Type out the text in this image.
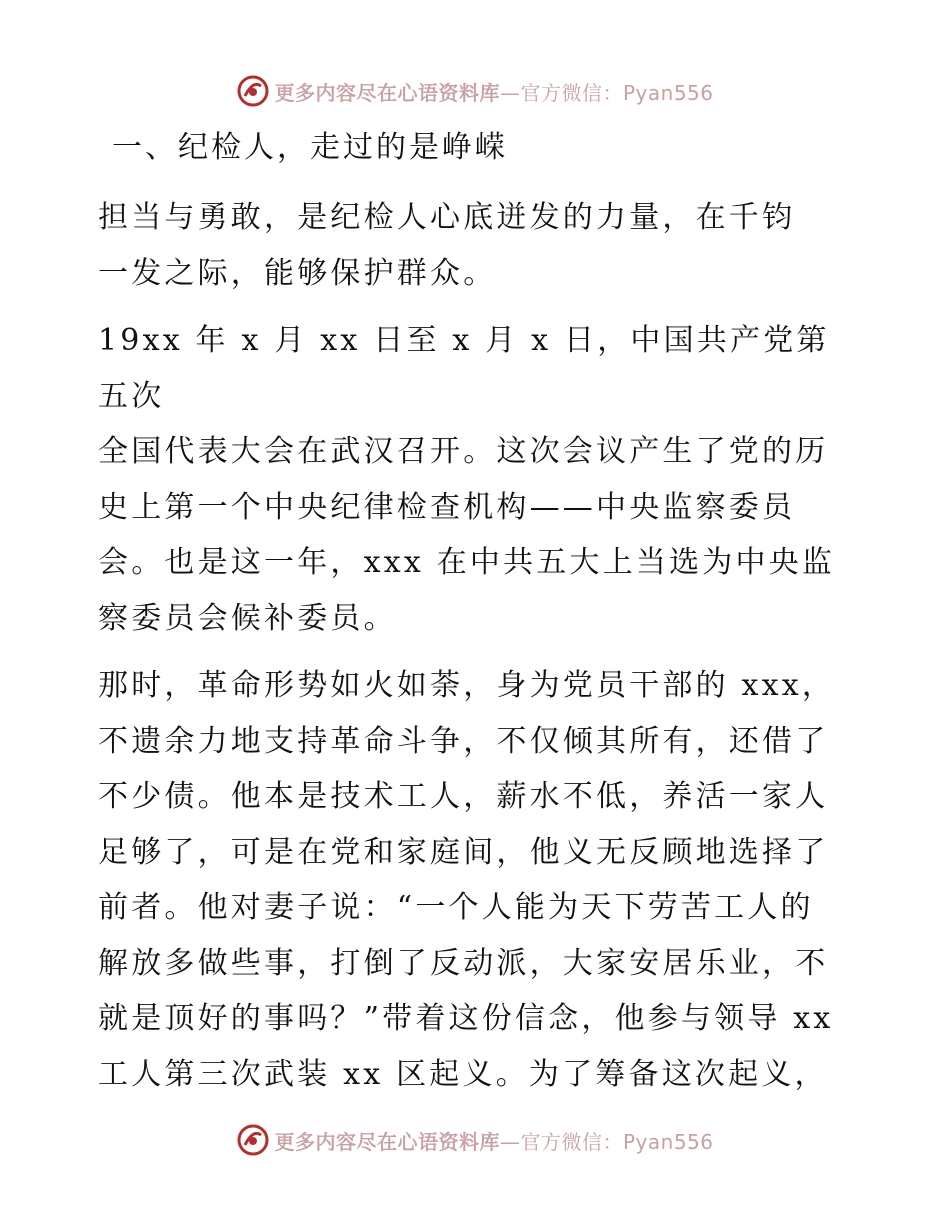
更多内容尽在心语资料库—官方微信：Pyan556
一、纪检人，走过的是峥嵘

担当与勇敢，是纪检人心底迸发的力量，在千钧
一发之际，能够保护群众。

19xx 年 x 月 xx 日至 x 月 x 日，中国共产党第五次
全国代表大会在武汉召开。这次会议产生了党的历
史上第一个中央纪律检查机构——中央监察委员
会。也是这一年，xxx 在中共五大上当选为中央监
察委员会候补委员。

那时，革命形势如火如荼，身为党员干部的 xxx，
不遗余力地支持革命斗争，不仅倾其所有，还借了
不少债。他本是技术工人，薪水不低，养活一家人
足够了，可是在党和家庭间，他义无反顾地选择了
前者。他对妻子说：“一个人能为天下劳苦工人的
解放多做些事，打倒了反动派，大家安居乐业，不
就是顶好的事吗？”带着这份信念，他参与领导 xx
工人第三次武装 xx 区起义。为了筹备这次起义，

更多内容尽在心语资料库—官方微信：Pyan556
